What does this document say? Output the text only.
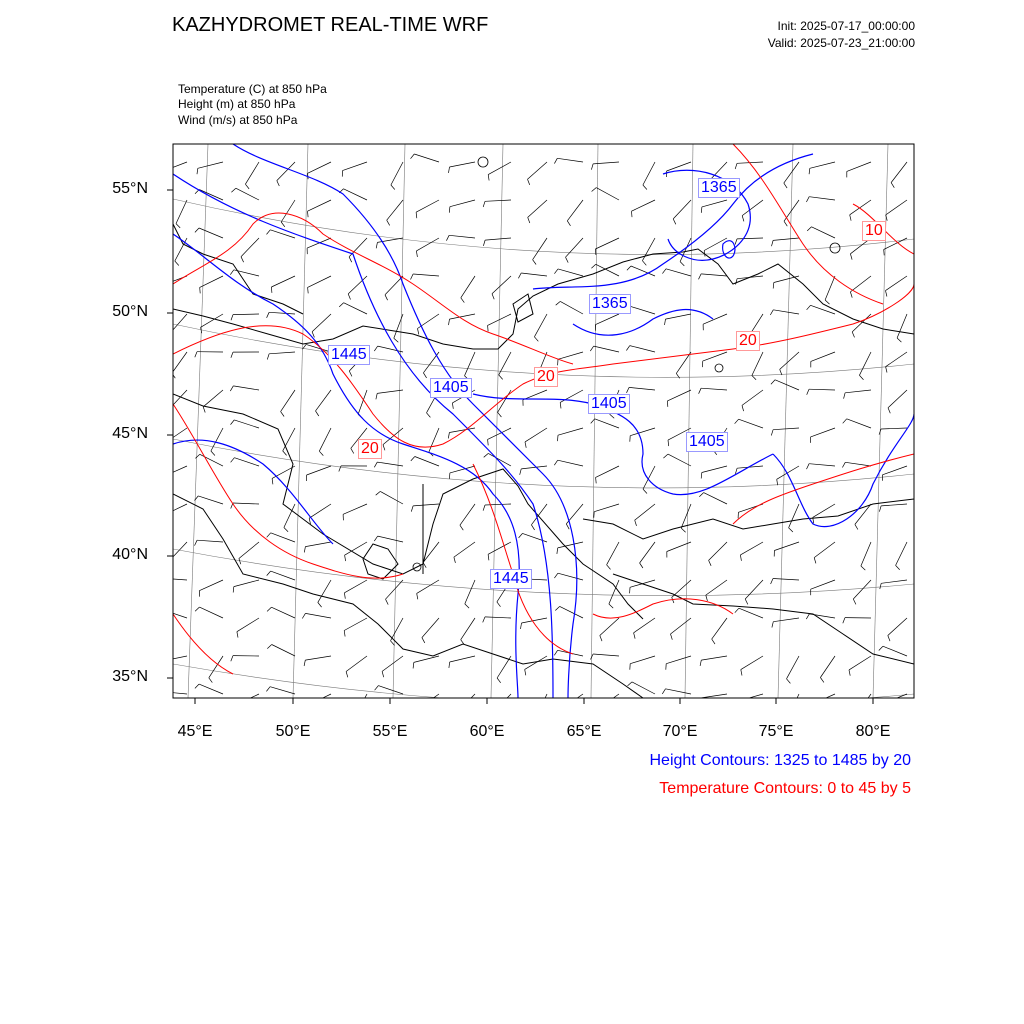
KAZHYDROMET REAL-TIME WRF	Init: 2025-07-17_00:00:00
Valid: 2025-07-23_21:00:00
Temperature (C) at 850 hPa
Height (m) at 850 hPa
Wind (m/s) at 850 hPa
1365
1365
1445
1405
1405
1405
1445
10
20
20
20
55°N
50°N
45°N
40°N
35°N
45°E	50°E	55°E	60°E	65°E	70°E	75°E	80°E
Height Contours: 1325 to 1485 by 20
Temperature Contours: 0 to 45 by 5
